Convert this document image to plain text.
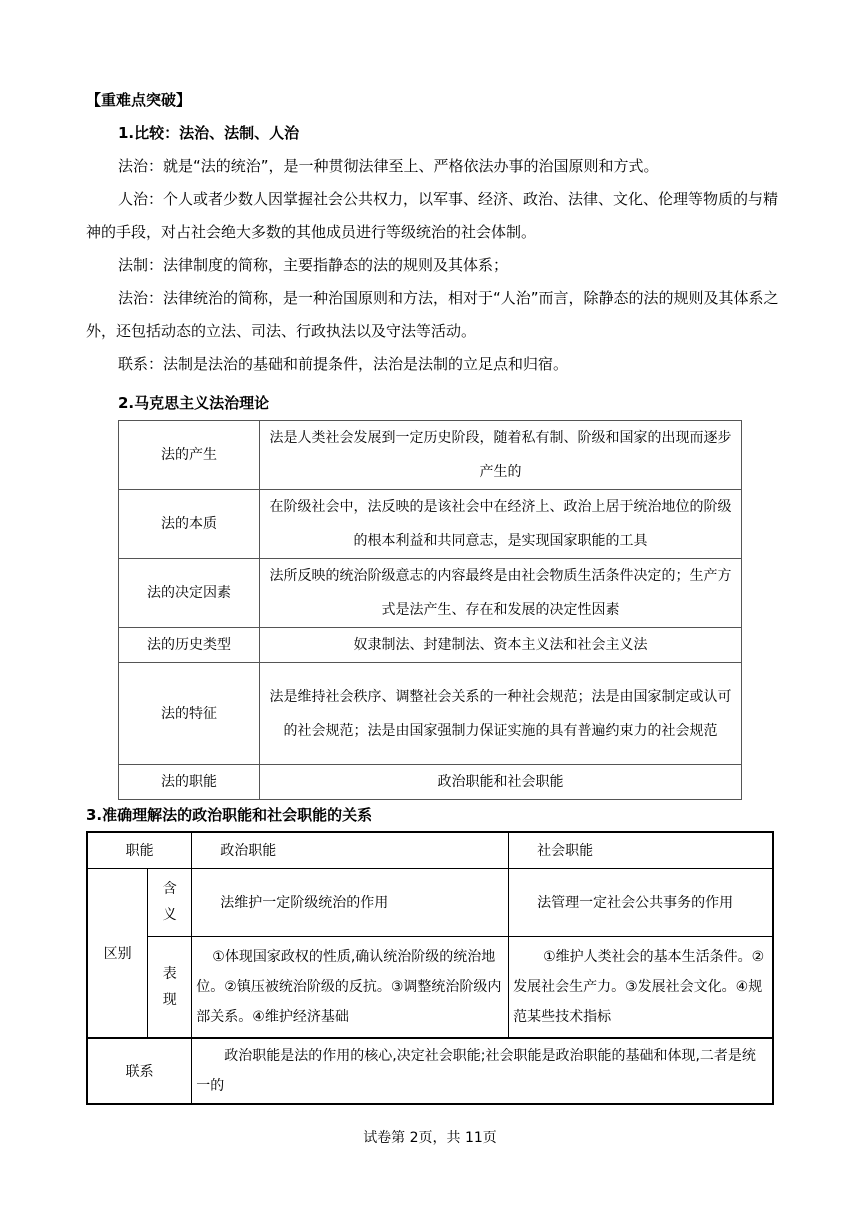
【重难点突破】
1.比较：法治、法制、人治
法治：就是“法的统治”，是一种贯彻法律至上、严格依法办事的治国原则和方式。
人治：个人或者少数人因掌握社会公共权力，以军事、经济、政治、法律、文化、伦理等物质的与精神的手段，对占社会绝大多数的其他成员进行等级统治的社会体制。
法制：法律制度的简称，主要指静态的法的规则及其体系；
法治：法律统治的简称，是一种治国原则和方法，相对于“人治”而言，除静态的法的规则及其体系之外，还包括动态的立法、司法、行政执法以及守法等活动。
联系：法制是法治的基础和前提条件，法治是法制的立足点和归宿。
2.马克思主义法治理论
法的产生	法是人类社会发展到一定历史阶段，随着私有制、阶级和国家的出现而逐步产生的
法的本质	在阶级社会中，法反映的是该社会中在经济上、政治上居于统治地位的阶级的根本利益和共同意志，是实现国家职能的工具
法的决定因素	法所反映的统治阶级意志的内容最终是由社会物质生活条件决定的；生产方式是法产生、存在和发展的决定性因素
法的历史类型	奴隶制法、封建制法、资本主义法和社会主义法
法的特征	法是维持社会秩序、调整社会关系的一种社会规范；法是由国家制定或认可的社会规范；法是由国家强制力保证实施的具有普遍约束力的社会规范
法的职能	政治职能和社会职能
3.准确理解法的政治职能和社会职能的关系
职能		政治职能	社会职能
区别	含义	法维护一定阶级统治的作用	法管理一定社会公共事务的作用
	表现	①体现国家政权的性质,确认统治阶级的统治地位。②镇压被统治阶级的反抗。③调整统治阶级内部关系。④维护经济基础	①维护人类社会的基本生活条件。②发展社会生产力。③发展社会文化。④规范某些技术指标
联系		政治职能是法的作用的核心,决定社会职能;社会职能是政治职能的基础和体现,二者是统一的	
试卷第 2页，共 11页
